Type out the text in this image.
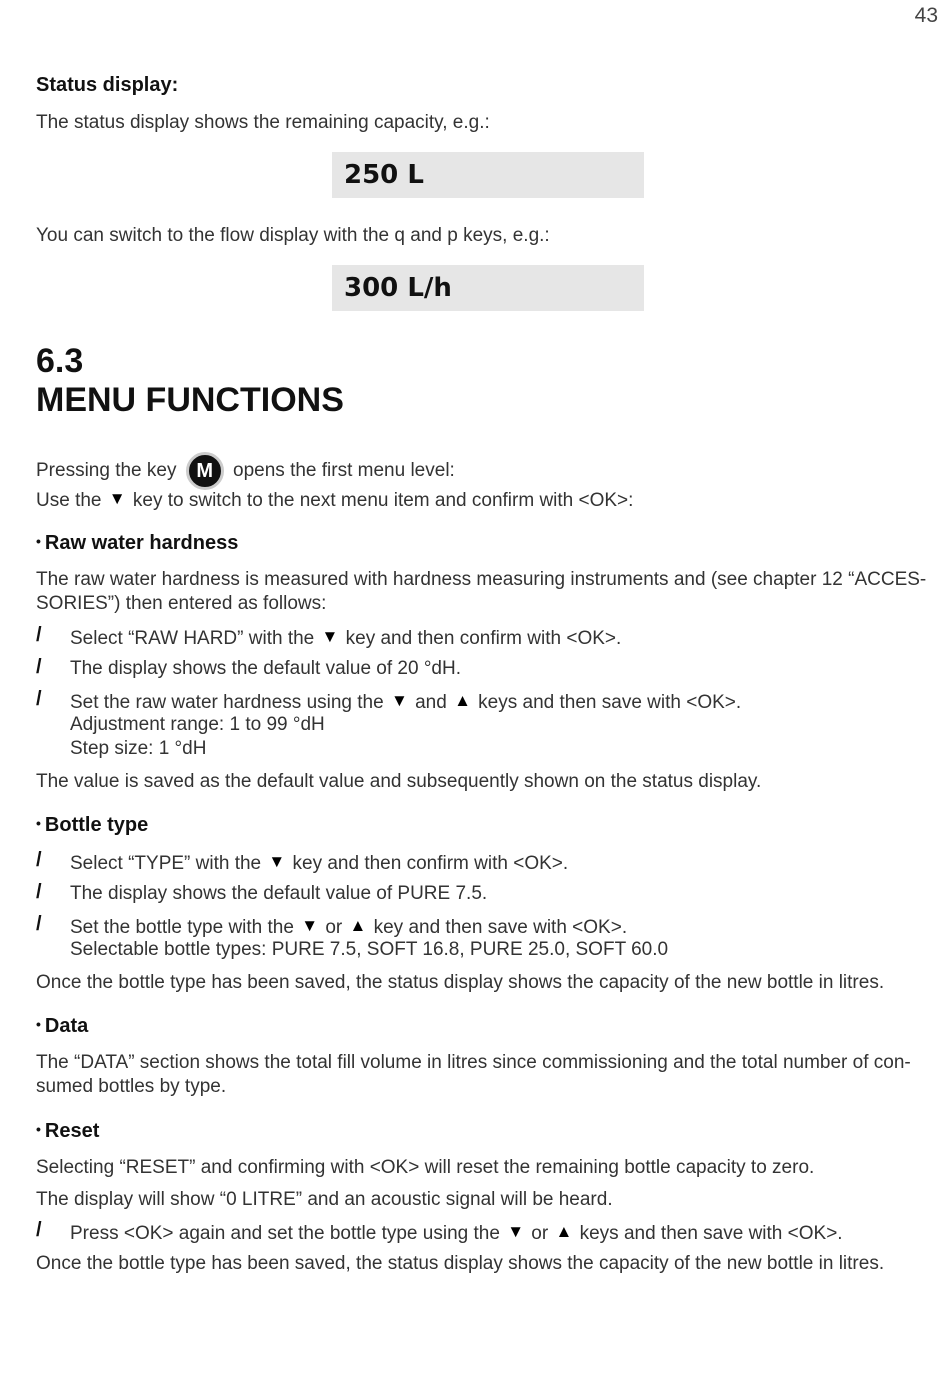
43
Status display:
The status display shows the remaining capacity, e.g.:
250 L
You can switch to the flow display with the q and p keys, e.g.:
300 L/h
6.3
MENU FUNCTIONS
Pressing the key M opens the first menu level:
Use the ▼ key to switch to the next menu item and confirm with <OK>:
• Raw water hardness
The raw water hardness is measured with hardness measuring instruments and (see chapter 12 “ACCES-SORIES”) then entered as follows:
/ Select “RAW HARD” with the ▼ key and then confirm with <OK>.
/ The display shows the default value of 20 °dH.
/ Set the raw water hardness using the ▼ and ▲ keys and then save with <OK>.
Adjustment range: 1 to 99 °dH
Step size: 1 °dH
The value is saved as the default value and subsequently shown on the status display.
• Bottle type
/ Select “TYPE” with the ▼ key and then confirm with <OK>.
/ The display shows the default value of PURE 7.5.
/ Set the bottle type with the ▼ or ▲ key and then save with <OK>.
Selectable bottle types: PURE 7.5, SOFT 16.8, PURE 25.0, SOFT 60.0
Once the bottle type has been saved, the status display shows the capacity of the new bottle in litres.
• Data
The “DATA” section shows the total fill volume in litres since commissioning and the total number of con-sumed bottles by type.
• Reset
Selecting “RESET” and confirming with <OK> will reset the remaining bottle capacity to zero.
The display will show “0 LITRE” and an acoustic signal will be heard.
/ Press <OK> again and set the bottle type using the ▼ or ▲ keys and then save with <OK>.
Once the bottle type has been saved, the status display shows the capacity of the new bottle in litres.
